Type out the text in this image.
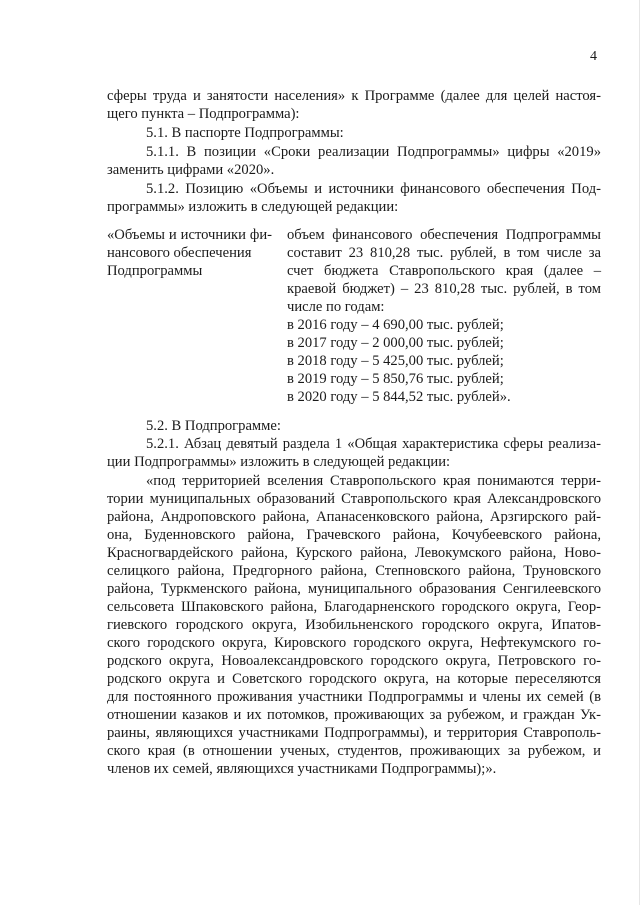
4
сферы труда и занятости населения» к Программе (далее для целей настоя-
щего пункта – Подпрограмма):
5.1. В паспорте Подпрограммы:
5.1.1. В позиции «Сроки реализации Подпрограммы» цифры «2019»
заменить цифрами «2020».
5.1.2. Позицию «Объемы и источники финансового обеспечения Под-
программы» изложить в следующей редакции:
«Объемы и источники фи-
нансового обеспечения
Подпрограммы
объем финансового обеспечения Подпрограммы
составит 23 810,28 тыс. рублей, в том числе за
счет бюджета Ставропольского края (далее –
краевой бюджет) – 23 810,28 тыс. рублей, в том
числе по годам:
в 2016 году – 4 690,00 тыс. рублей;
в 2017 году – 2 000,00 тыс. рублей;
в 2018 году – 5 425,00 тыс. рублей;
в 2019 году – 5 850,76 тыс. рублей;
в 2020 году – 5 844,52 тыс. рублей».
5.2. В Подпрограмме:
5.2.1. Абзац девятый раздела 1 «Общая характеристика сферы реализа-
ции Подпрограммы» изложить в следующей редакции:
«под территорией вселения Ставропольского края понимаются терри-
тории муниципальных образований Ставропольского края Александровского
района, Андроповского района, Апанасенковского района, Арзгирского рай-
она, Буденновского района, Грачевского района, Кочубеевского района,
Красногвардейского района, Курского района, Левокумского района, Ново-
селицкого района, Предгорного района, Степновского района, Труновского
района, Туркменского района, муниципального образования Сенгилеевского
сельсовета Шпаковского района, Благодарненского городского округа, Геор-
гиевского городского округа, Изобильненского городского округа, Ипатов-
ского городского округа, Кировского городского округа, Нефтекумского го-
родского округа, Новоалександровского городского округа, Петровского го-
родского округа и Советского городского округа, на которые переселяются
для постоянного проживания участники Подпрограммы и члены их семей (в
отношении казаков и их потомков, проживающих за рубежом, и граждан Ук-
раины, являющихся участниками Подпрограммы), и территория Ставрополь-
ского края (в отношении ученых, студентов, проживающих за рубежом, и
членов их семей, являющихся участниками Подпрограммы);».
